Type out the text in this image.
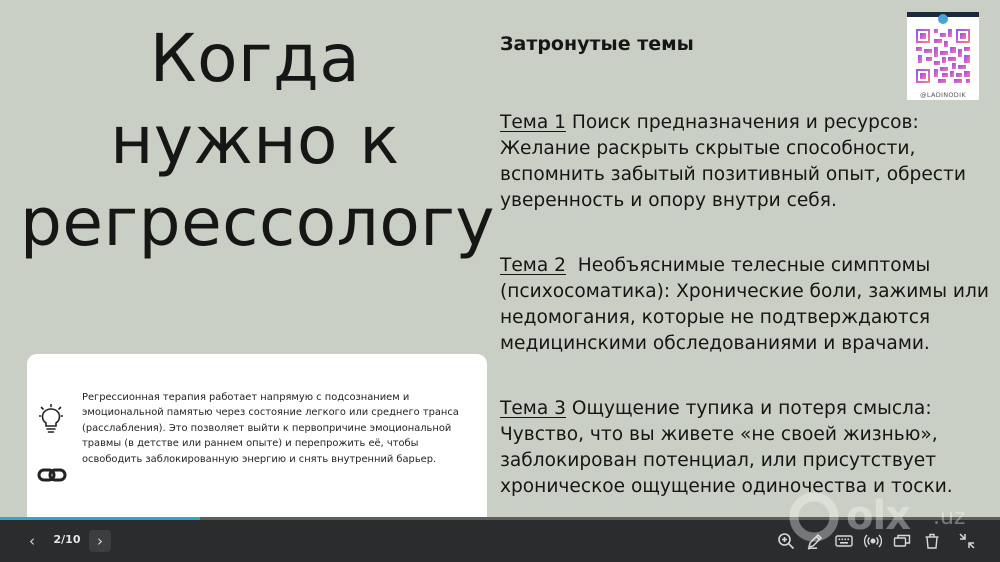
Когда
нужно к
регрессологу
Затронутые темы
Тема 1 Поиск предназначения и ресурсов:
Желание раскрыть скрытые способности,
вспомнить забытый позитивный опыт, обрести
уверенность и опору внутри себя.
Тема 2  Необъяснимые телесные симптомы
(психосоматика): Хронические боли, зажимы или
недомогания, которые не подтверждаются
медицинскими обследованиями и врачами.
Тема 3 Ощущение тупика и потеря смысла:
Чувство, что вы живете «не своей жизнью»,
заблокирован потенциал, или присутствует
хроническое ощущение одиночества и тоски.
@LADINODIK
Регрессионная терапия работает напрямую с подсознанием и
эмоциональной памятью через состояние легкого или среднего транса
(расслабления). Это позволяет выйти к первопричине эмоциональной
травмы (в детстве или раннем опыте) и перепрожить её, чтобы
освободить заблокированную энергию и снять внутренний барьер.
‹	2/10	›
olx .uz
